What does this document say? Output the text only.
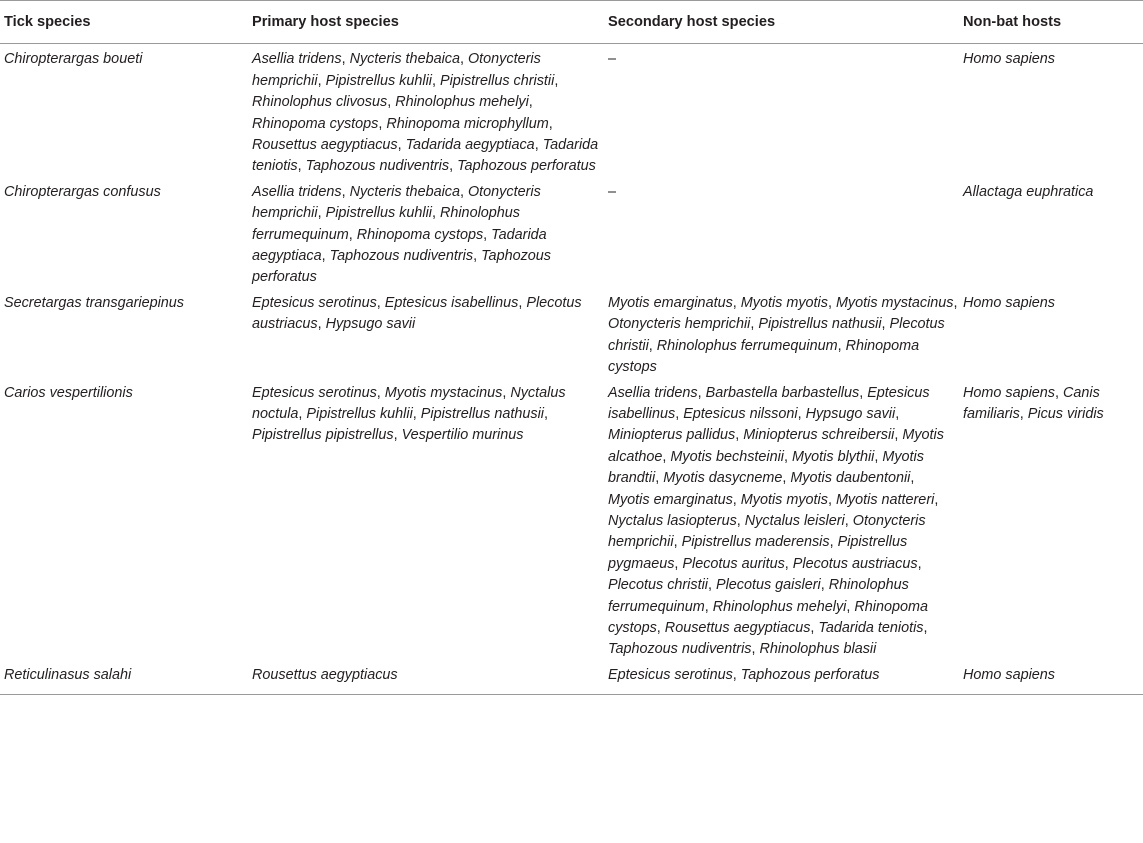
Tick species	Primary host species	Secondary host species	Non-bat hosts
Chiropterargas boueti	Asellia tridens, Nycteris thebaica, Otonycteris hemprichii, Pipistrellus kuhlii, Pipistrellus christii, Rhinolophus clivosus, Rhinolophus mehelyi, Rhinopoma cystops, Rhinopoma microphyllum, Rousettus aegyptiacus, Tadarida aegyptiaca, Tadarida teniotis, Taphozous nudiventris, Taphozous perforatus	–	Homo sapiens
Chiropterargas confusus	Asellia tridens, Nycteris thebaica, Otonycteris hemprichii, Pipistrellus kuhlii, Rhinolophus ferrumequinum, Rhinopoma cystops, Tadarida aegyptiaca, Taphozous nudiventris, Taphozous perforatus	–	Allactaga euphratica
Secretargas transgariepinus	Eptesicus serotinus, Eptesicus isabellinus, Plecotus austriacus, Hypsugo savii	Myotis emarginatus, Myotis myotis, Myotis mystacinus, Otonycteris hemprichii, Pipistrellus nathusii, Plecotus christii, Rhinolophus ferrumequinum, Rhinopoma cystops	Homo sapiens
Carios vespertilionis	Eptesicus serotinus, Myotis mystacinus, Nyctalus noctula, Pipistrellus kuhlii, Pipistrellus nathusii, Pipistrellus pipistrellus, Vespertilio murinus	Asellia tridens, Barbastella barbastellus, Eptesicus isabellinus, Eptesicus nilssoni, Hypsugo savii, Miniopterus pallidus, Miniopterus schreibersii, Myotis alcathoe, Myotis bechsteinii, Myotis blythii, Myotis brandtii, Myotis dasycneme, Myotis daubentonii, Myotis emarginatus, Myotis myotis, Myotis nattereri, Nyctalus lasiopterus, Nyctalus leisleri, Otonycteris hemprichii, Pipistrellus maderensis, Pipistrellus pygmaeus, Plecotus auritus, Plecotus austriacus, Plecotus christii, Plecotus gaisleri, Rhinolophus ferrumequinum, Rhinolophus mehelyi, Rhinopoma cystops, Rousettus aegyptiacus, Tadarida teniotis, Taphozous nudiventris, Rhinolophus blasii	Homo sapiens, Canis familiaris, Picus viridis
Reticulinasus salahi	Rousettus aegyptiacus	Eptesicus serotinus, Taphozous perforatus	Homo sapiens
